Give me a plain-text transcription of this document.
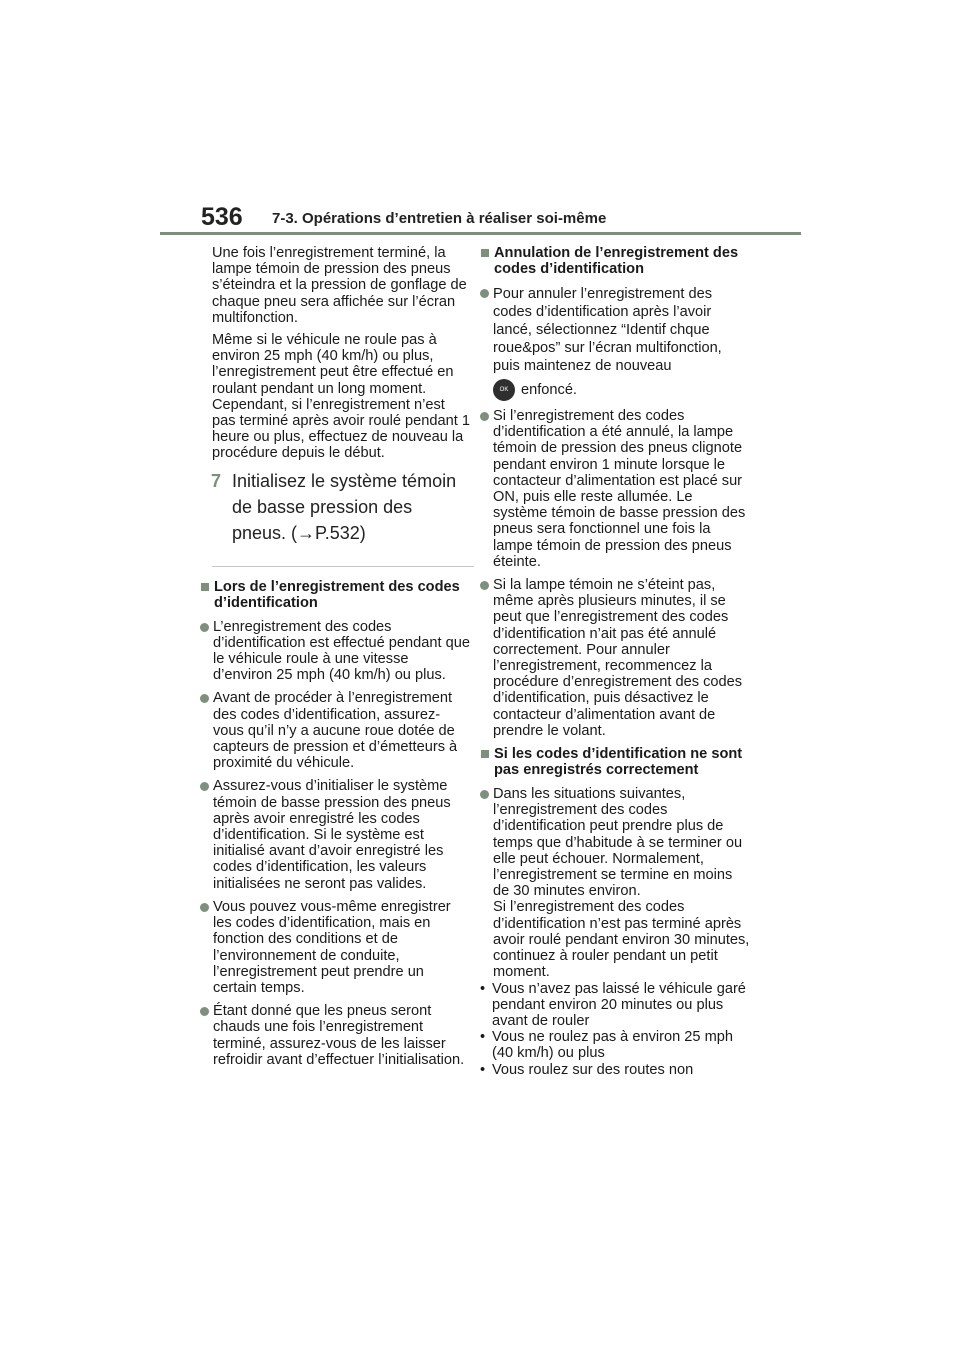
536 7-3. Opérations d’entretien à réaliser soi-même

Une fois l’enregistrement terminé, la lampe témoin de pression des pneus s’éteindra et la pression de gonflage de chaque pneu sera affichée sur l’écran multifonction.

Même si le véhicule ne roule pas à environ 25 mph (40 km/h) ou plus, l’enregistrement peut être effectué en roulant pendant un long moment. Cependant, si l’enregistrement n’est pas terminé après avoir roulé pendant 1 heure ou plus, effectuez de nouveau la procédure depuis le début.

7 Initialisez le système témoin de basse pression des pneus. (→P.532)
Lors de l’enregistrement des codes d’identification
L’enregistrement des codes d’identification est effectué pendant que le véhicule roule à une vitesse d’environ 25 mph (40 km/h) ou plus.
Avant de procéder à l’enregistrement des codes d’identification, assurez-vous qu’il n’y a aucune roue dotée de capteurs de pression et d’émetteurs à proximité du véhicule.
Assurez-vous d’initialiser le système témoin de basse pression des pneus après avoir enregistré les codes d’identification. Si le système est initialisé avant d’avoir enregistré les codes d’identification, les valeurs initialisées ne seront pas valides.
Vous pouvez vous-même enregistrer les codes d’identification, mais en fonction des conditions et de l’environnement de conduite, l’enregistrement peut prendre un certain temps.
Étant donné que les pneus seront chauds une fois l’enregistrement terminé, assurez-vous de les laisser refroidir avant d’effectuer l’initialisation.
Annulation de l’enregistrement des codes d’identification
Pour annuler l’enregistrement des codes d’identification après l’avoir lancé, sélectionnez “Identif chque roue&pos” sur l’écran multifonction, puis maintenez de nouveau
OK enfoncé.
Si l’enregistrement des codes d’identification a été annulé, la lampe témoin de pression des pneus clignote pendant environ 1 minute lorsque le contacteur d’alimentation est placé sur ON, puis elle reste allumée. Le système témoin de basse pression des pneus sera fonctionnel une fois la lampe témoin de pression des pneus éteinte.
Si la lampe témoin ne s’éteint pas, même après plusieurs minutes, il se peut que l’enregistrement des codes d’identification n’ait pas été annulé correctement. Pour annuler l’enregistrement, recommencez la procédure d’enregistrement des codes d’identification, puis désactivez le contacteur d’alimentation avant de prendre le volant.
Si les codes d’identification ne sont pas enregistrés correctement
Dans les situations suivantes, l’enregistrement des codes d’identification peut prendre plus de temps que d’habitude à se terminer ou elle peut échouer. Normalement, l’enregistrement se termine en moins de 30 minutes environ.
Si l’enregistrement des codes d’identification n’est pas terminé après avoir roulé pendant environ 30 minutes, continuez à rouler pendant un petit moment.
• Vous n’avez pas laissé le véhicule garé pendant environ 20 minutes ou plus avant de rouler
• Vous ne roulez pas à environ 25 mph (40 km/h) ou plus
• Vous roulez sur des routes non
